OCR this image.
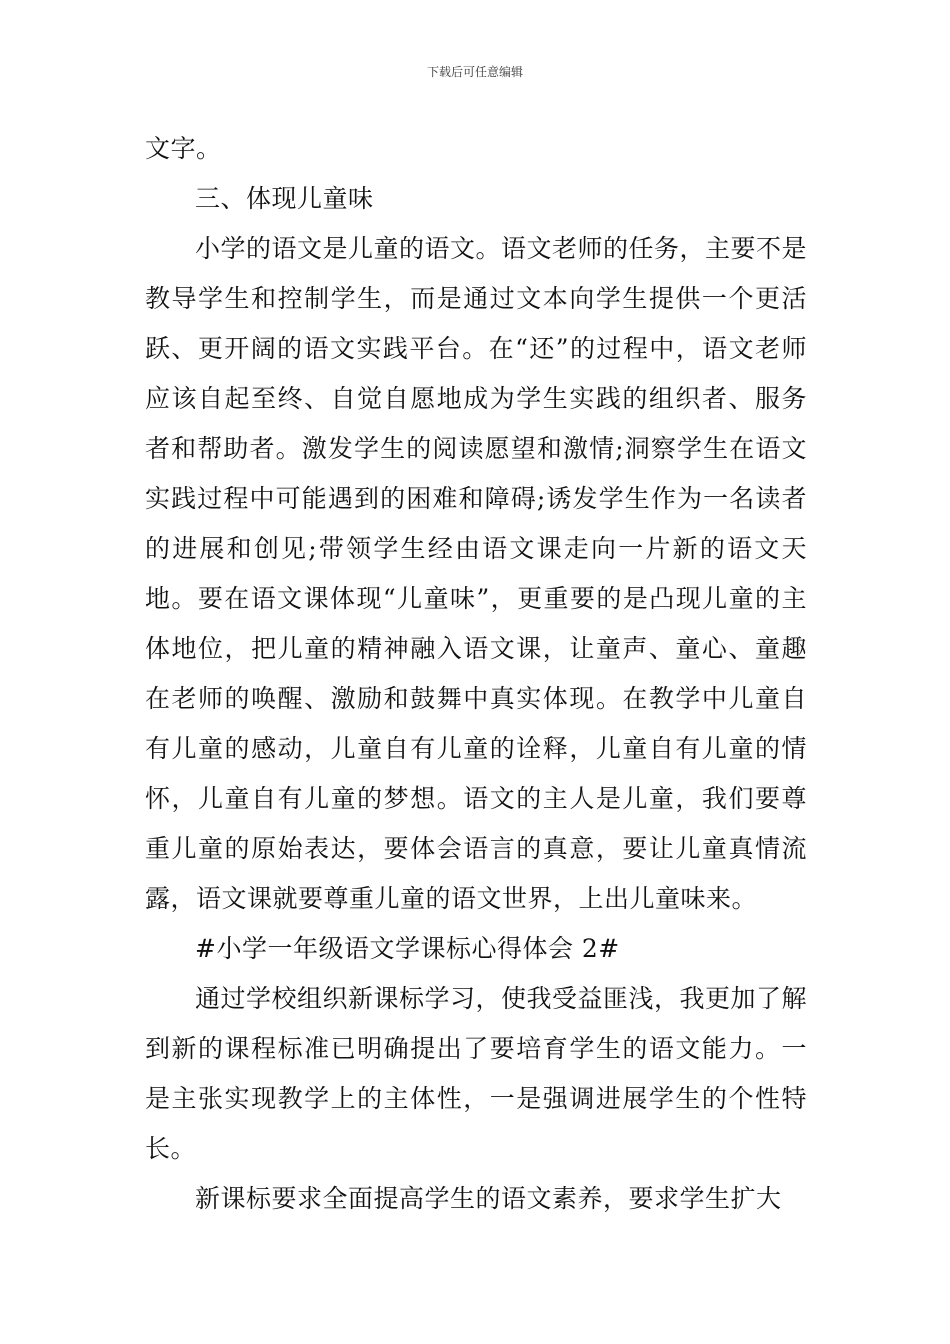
下载后可任意编辑

文字。

三、体现儿童味

小学的语文是儿童的语文。语文老师的任务，主要不是教导学生和控制学生，而是通过文本向学生提供一个更活跃、更开阔的语文实践平台。在“还”的过程中，语文老师应该自起至终、自觉自愿地成为学生实践的组织者、服务者和帮助者。激发学生的阅读愿望和激情;洞察学生在语文实践过程中可能遇到的困难和障碍;诱发学生作为一名读者的进展和创见;带领学生经由语文课走向一片新的语文天地。要在语文课体现“儿童味”，更重要的是凸现儿童的主体地位，把儿童的精神融入语文课，让童声、童心、童趣在老师的唤醒、激励和鼓舞中真实体现。在教学中儿童自有儿童的感动，儿童自有儿童的诠释，儿童自有儿童的情怀，儿童自有儿童的梦想。语文的主人是儿童，我们要尊重儿童的原始表达，要体会语言的真意，要让儿童真情流露，语文课就要尊重儿童的语文世界，上出儿童味来。

#小学一年级语文学课标心得体会 2#

通过学校组织新课标学习，使我受益匪浅，我更加了解到新的课程标准已明确提出了要培育学生的语文能力。一是主张实现教学上的主体性，一是强调进展学生的个性特长。

新课标要求全面提高学生的语文素养，要求学生扩大
